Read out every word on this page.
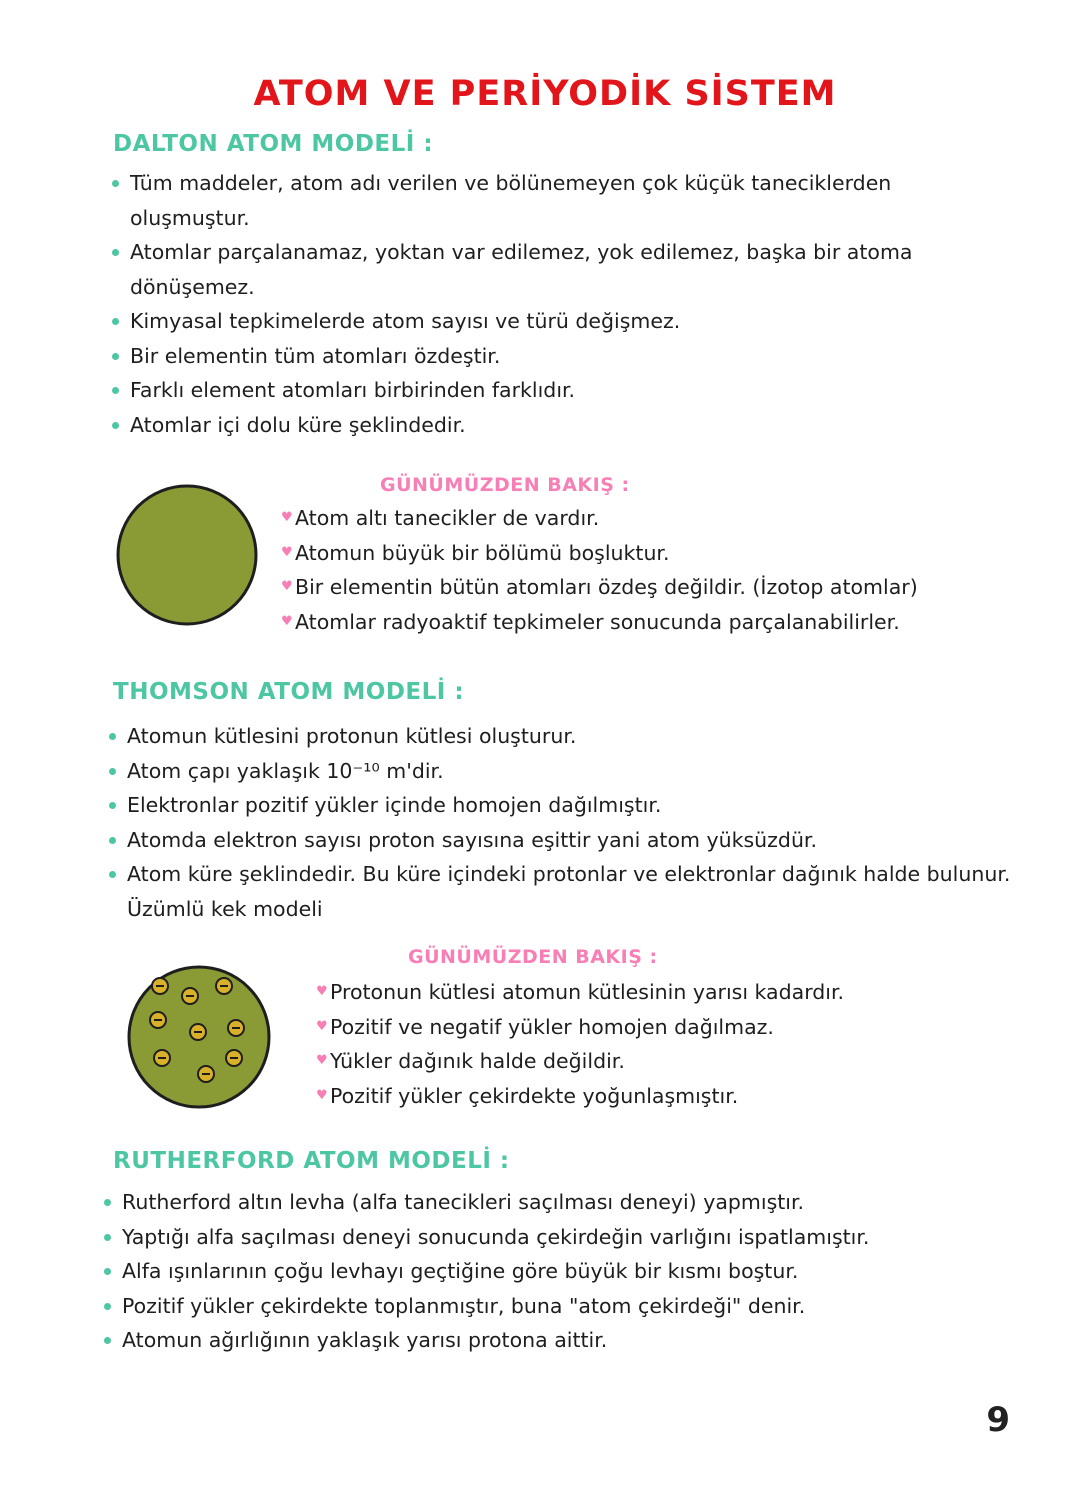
ATOM VE PERİYODİK SİSTEM
DALTON ATOM MODELİ :
Tüm maddeler, atom adı verilen ve bölünemeyen çok küçük taneciklerden oluşmuştur.
Atomlar parçalanamaz, yoktan var edilemez, yok edilemez, başka bir atoma dönüşemez.
Kimyasal tepkimelerde atom sayısı ve türü değişmez.
Bir elementin tüm atomları özdeştir.
Farklı element atomları birbirinden farklıdır.
Atomlar içi dolu küre şeklindedir.
GÜNÜMÜZDEN BAKIŞ :
♥ Atom altı tanecikler de vardır.
♥ Atomun büyük bir bölümü boşluktur.
♥ Bir elementin bütün atomları özdeş değildir. (İzotop atomlar)
♥ Atomlar radyoaktif tepkimeler sonucunda parçalanabilirler.
THOMSON ATOM MODELİ :
Atomun kütlesini protonun kütlesi oluşturur.
Atom çapı yaklaşık 10⁻¹⁰ m'dir.
Elektronlar pozitif yükler içinde homojen dağılmıştır.
Atomda elektron sayısı proton sayısına eşittir yani atom yüksüzdür.
Atom küre şeklindedir. Bu küre içindeki protonlar ve elektronlar dağınık halde bulunur. Üzümlü kek modeli
GÜNÜMÜZDEN BAKIŞ :
♥ Protonun kütlesi atomun kütlesinin yarısı kadardır.
♥ Pozitif ve negatif yükler homojen dağılmaz.
♥ Yükler dağınık halde değildir.
♥ Pozitif yükler çekirdekte yoğunlaşmıştır.
RUTHERFORD ATOM MODELİ :
Rutherford altın levha (alfa tanecikleri saçılması deneyi) yapmıştır.
Yaptığı alfa saçılması deneyi sonucunda çekirdeğin varlığını ispatlamıştır.
Alfa ışınlarının çoğu levhayı geçtiğine göre büyük bir kısmı boştur.
Pozitif yükler çekirdekte toplanmıştır, buna "atom çekirdeği" denir.
Atomun ağırlığının yaklaşık yarısı protona aittir.
9
